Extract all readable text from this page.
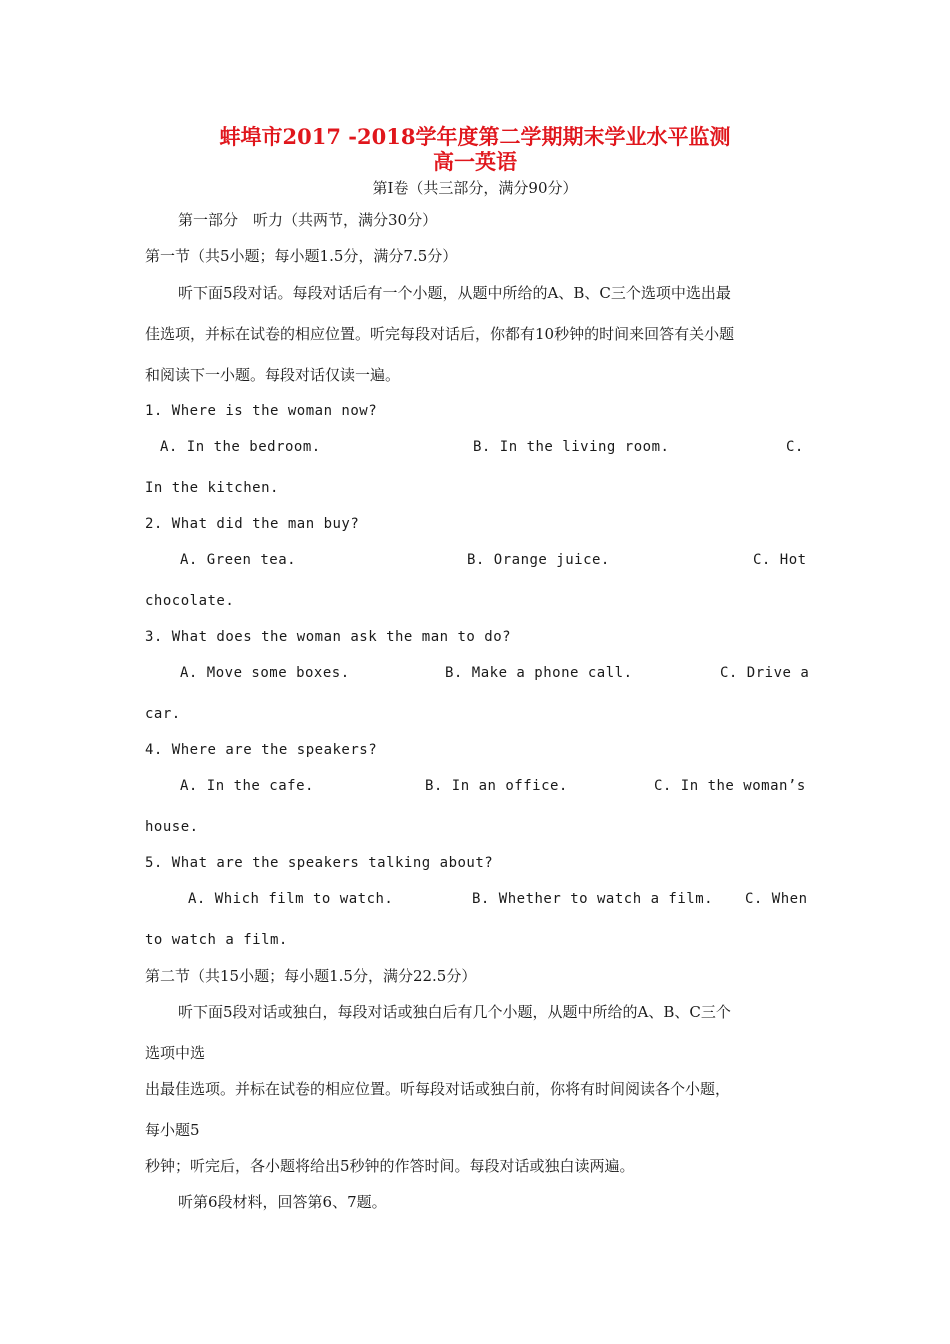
蚌埠市2017 -2018学年度第二学期期末学业水平监测
高一英语
第I卷（共三部分，满分90分）
第一部分　听力（共两节，满分30分）
第一节（共5小题；每小题1.5分，满分7.5分）
听下面5段对话。每段对话后有一个小题，从题中所给的A、B、C三个选项中选出最
佳选项，并标在试卷的相应位置。听完每段对话后，你都有10秒钟的时间来回答有关小题
和阅读下一小题。每段对话仅读一遍。
1. Where is the woman now?
A. In the bedroom.	B. In the living room.	C.
In the kitchen.
2. What did the man buy?
A. Green tea.	B. Orange juice.	C. Hot
chocolate.
3. What does the woman ask the man to do?
A. Move some boxes.	B. Make a phone call.	C. Drive a
car.
4. Where are the speakers?
A. In the cafe.	B. In an office.	C. In the woman’s
house.
5. What are the speakers talking about?
A. Which film to watch.	B. Whether to watch a film. C. When
to watch a film.
第二节（共15小题；每小题1.5分，满分22.5分）
听下面5段对话或独白，每段对话或独白后有几个小题，从题中所给的A、B、C三个
选项中选
出最佳选项。并标在试卷的相应位置。听每段对话或独白前，你将有时间阅读各个小题，
每小题5
秒钟；听完后，各小题将给出5秒钟的作答时间。每段对话或独白读两遍。
听第6段材料，回答第6、7题。
